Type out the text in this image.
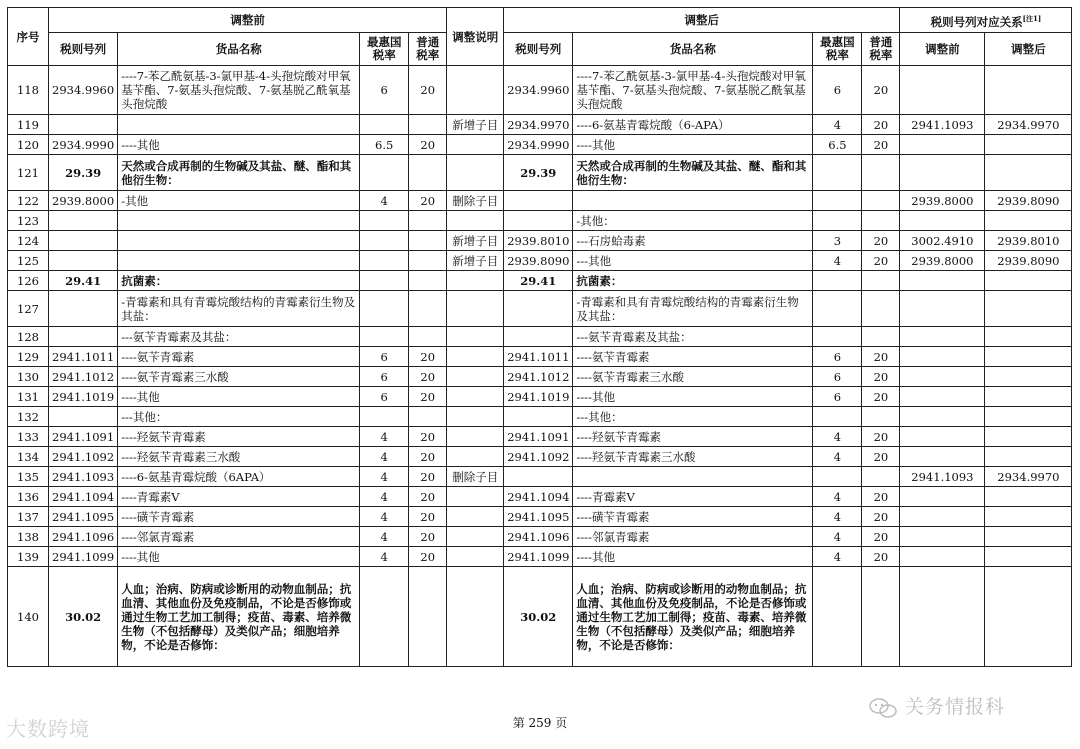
序号	调整前				调整说明	调整后				税则号列对应关系[注1]
	税则号列	货品名称	最惠国税率	普通税率		税则号列	货品名称	最惠国税率	普通税率	调整前	调整后
118	2934.9960	----7-苯乙酰氨基-3-氯甲基-4-头孢烷酸对甲氧基苄酯、7-氨基头孢烷酸、7-氨基脱乙酰氧基头孢烷酸	6	20		2934.9960	----7-苯乙酰氨基-3-氯甲基-4-头孢烷酸对甲氧基苄酯、7-氨基头孢烷酸、7-氨基脱乙酰氧基头孢烷酸	6	20		
119					新增子目	2934.9970	----6-氨基青霉烷酸（6-APA）	4	20	2941.1093	2934.9970
120	2934.9990	----其他	6.5	20		2934.9990	----其他	6.5	20		
121	29.39	天然或合成再制的生物碱及其盐、醚、酯和其他衍生物：				29.39	天然或合成再制的生物碱及其盐、醚、酯和其他衍生物：				
122	2939.8000	-其他	4	20	删除子目					2939.8000	2939.8090
123							-其他：				
124					新增子目	2939.8010	---石房蛤毒素	3	20	3002.4910	2939.8010
125					新增子目	2939.8090	---其他	4	20	2939.8000	2939.8090
126	29.41	抗菌素：				29.41	抗菌素：				
127		-青霉素和具有青霉烷酸结构的青霉素衍生物及其盐：					-青霉素和具有青霉烷酸结构的青霉素衍生物及其盐：				
128		---氨苄青霉素及其盐：					---氨苄青霉素及其盐：				
129	2941.1011	----氨苄青霉素	6	20		2941.1011	----氨苄青霉素	6	20		
130	2941.1012	----氨苄青霉素三水酸	6	20		2941.1012	----氨苄青霉素三水酸	6	20		
131	2941.1019	----其他	6	20		2941.1019	----其他	6	20		
132		---其他：					---其他：				
133	2941.1091	----羟氨苄青霉素	4	20		2941.1091	----羟氨苄青霉素	4	20		
134	2941.1092	----羟氨苄青霉素三水酸	4	20		2941.1092	----羟氨苄青霉素三水酸	4	20		
135	2941.1093	----6-氨基青霉烷酸（6APA）	4	20	删除子目					2941.1093	2934.9970
136	2941.1094	----青霉素V	4	20		2941.1094	----青霉素V	4	20		
137	2941.1095	----磺苄青霉素	4	20		2941.1095	----磺苄青霉素	4	20		
138	2941.1096	----邻氯青霉素	4	20		2941.1096	----邻氯青霉素	4	20		
139	2941.1099	----其他	4	20		2941.1099	----其他	4	20		
140	30.02	人血；治病、防病或诊断用的动物血制品；抗血清、其他血份及免疫制品，不论是否修饰或通过生物工艺加工制得；疫苗、毒素、培养微生物（不包括酵母）及类似产品；细胞培养物，不论是否修饰：				30.02	人血；治病、防病或诊断用的动物血制品；抗血清、其他血份及免疫制品，不论是否修饰或通过生物工艺加工制得；疫苗、毒素、培养微生物（不包括酵母）及类似产品；细胞培养物，不论是否修饰：				
大数跨境	第 259 页
关务情报科
